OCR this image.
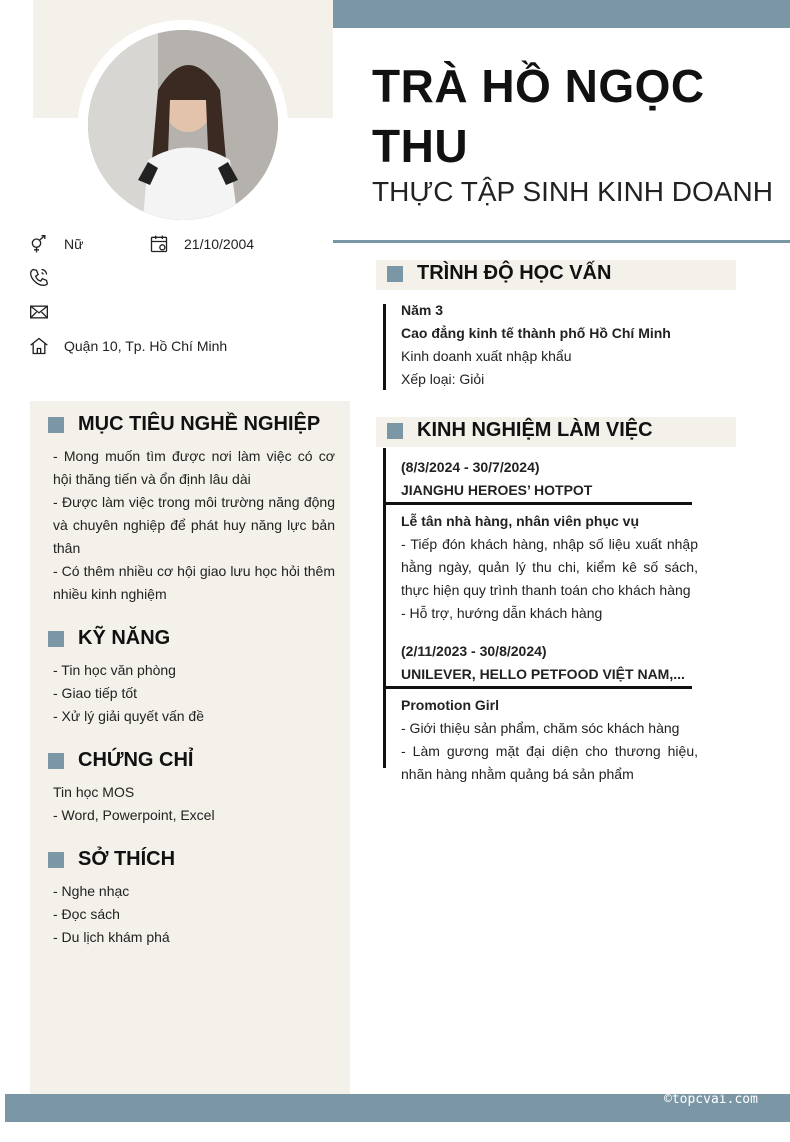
TRÀ HỒ NGỌC THU
THỰC TẬP SINH KINH DOANH
Nữ	21/10/2004
Quận 10, Tp. Hồ Chí Minh
MỤC TIÊU NGHỀ NGHIỆP
- Mong muốn tìm được nơi làm việc có cơ hội thăng tiến và ổn định lâu dài
- Được làm việc trong môi trường năng động và chuyên nghiệp để phát huy năng lực bản thân
- Có thêm nhiều cơ hội giao lưu học hỏi thêm nhiều kinh nghiệm
KỸ NĂNG
- Tin học văn phòng
- Giao tiếp tốt
- Xử lý giải quyết vấn đề
CHỨNG CHỈ
Tin học MOS
- Word, Powerpoint, Excel
SỞ THÍCH
- Nghe nhạc
- Đọc sách
- Du lịch khám phá
TRÌNH ĐỘ HỌC VẤN
Năm 3
Cao đẳng kinh tế thành phố Hồ Chí Minh
Kinh doanh xuất nhập khẩu
Xếp loại: Giỏi
KINH NGHIỆM LÀM VIỆC
(8/3/2024 - 30/7/2024)
JIANGHU HEROES’ HOTPOT
Lễ tân nhà hàng, nhân viên phục vụ
- Tiếp đón khách hàng, nhập số liệu xuất nhập hằng ngày, quản lý thu chi, kiểm kê số sách, thực hiện quy trình thanh toán cho khách hàng
- Hỗ trợ, hướng dẫn khách hàng
(2/11/2023 - 30/8/2024)
UNILEVER, HELLO PETFOOD VIỆT NAM,...
Promotion Girl
- Giới thiệu sản phẩm, chăm sóc khách hàng
- Làm gương mặt đại diện cho thương hiệu, nhãn hàng nhằm quảng bá sản phẩm
©topcvai.com
